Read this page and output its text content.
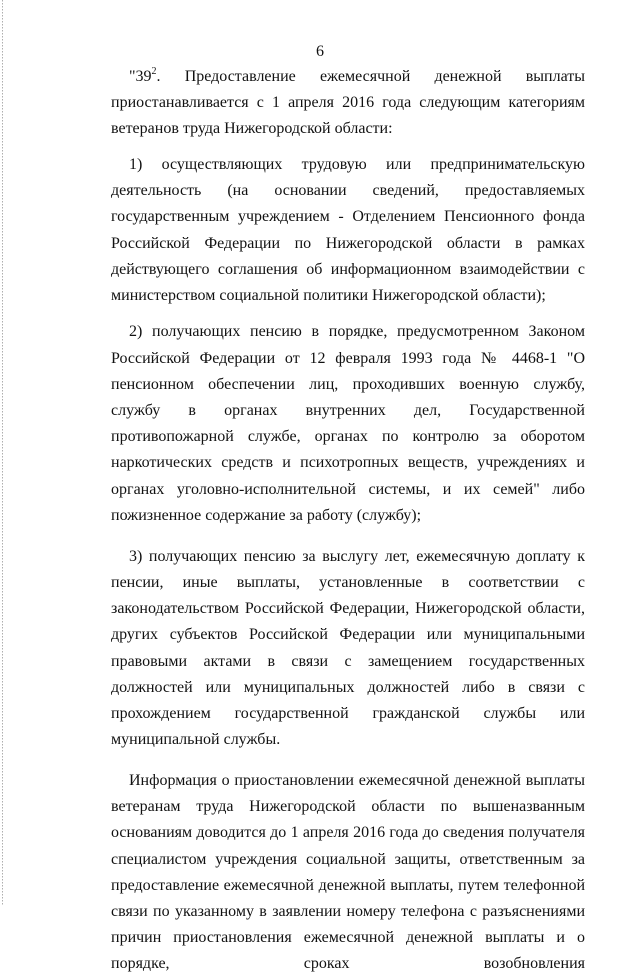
6

"$39^2$. Предоставление ежемесячной денежной выплаты приостанавливается с 1 апреля 2016 года следующим категориям ветеранов труда Нижегородской области:

1) осуществляющих трудовую или предпринимательскую деятельность (на основании сведений, предоставляемых государственным учреждением - Отделением Пенсионного фонда Российской Федерации по Нижегородской области в рамках действующего соглашения об информационном взаимодействии с министерством социальной политики Нижегородской области);

2) получающих пенсию в порядке, предусмотренном Законом Российской Федерации от 12 февраля 1993 года № 4468-1 "О пенсионном обеспечении лиц, проходивших военную службу, службу в органах внутренних дел, Государственной противопожарной службе, органах по контролю за оборотом наркотических средств и психотропных веществ, учреждениях и органах уголовно-исполнительной системы, и их семей" либо пожизненное содержание за работу (службу);

3) получающих пенсию за выслугу лет, ежемесячную доплату к пенсии, иные выплаты, установленные в соответствии с законодательством Российской Федерации, Нижегородской области, других субъектов Российской Федерации или муниципальными правовыми актами в связи с замещением государственных должностей или муниципальных должностей либо в связи с прохождением государственной гражданской службы или муниципальной службы.

Информация о приостановлении ежемесячной денежной выплаты ветеранам труда Нижегородской области по вышеназванным основаниям доводится до 1 апреля 2016 года до сведения получателя специалистом учреждения социальной защиты, ответственным за предоставление ежемесячной денежной выплаты, путем телефонной связи по указанному в заявлении номеру телефона с разъяснениями причин приостановления ежемесячной денежной выплаты и о порядке, сроках возобновления
